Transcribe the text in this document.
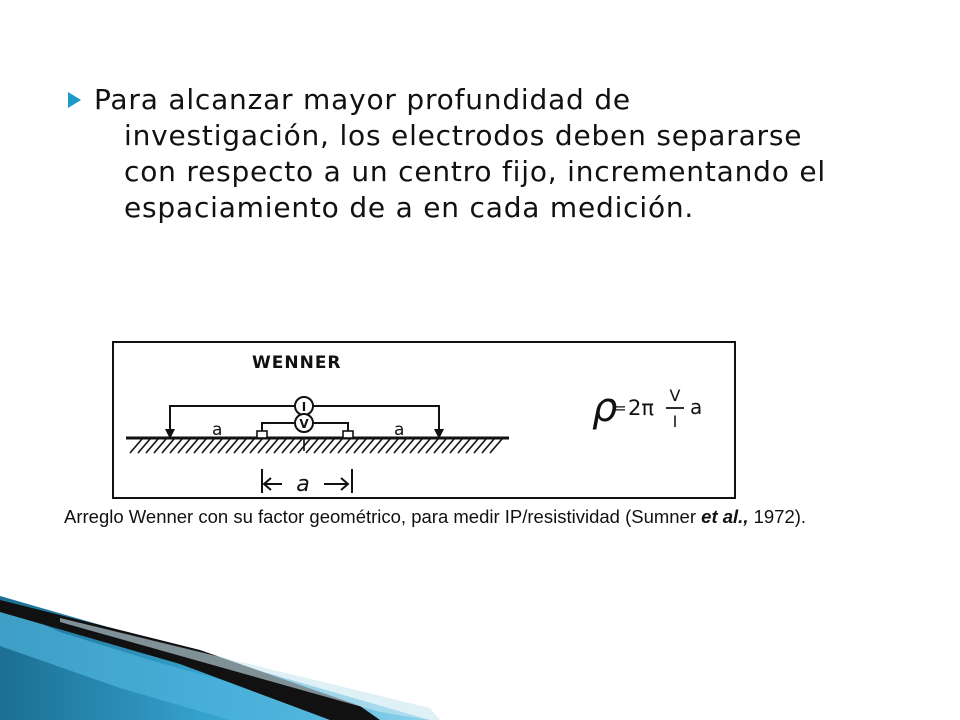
Para alcanzar mayor profundidad de investigación, los electrodos deben separarse con respecto a un centro fijo, incrementando el espaciamiento de a en cada medición.

WENNER
I
V
a	a
a
ρ
= 2π
V
I
a

Arreglo Wenner con su factor geométrico, para medir IP/resistividad (Sumner et al., 1972).
